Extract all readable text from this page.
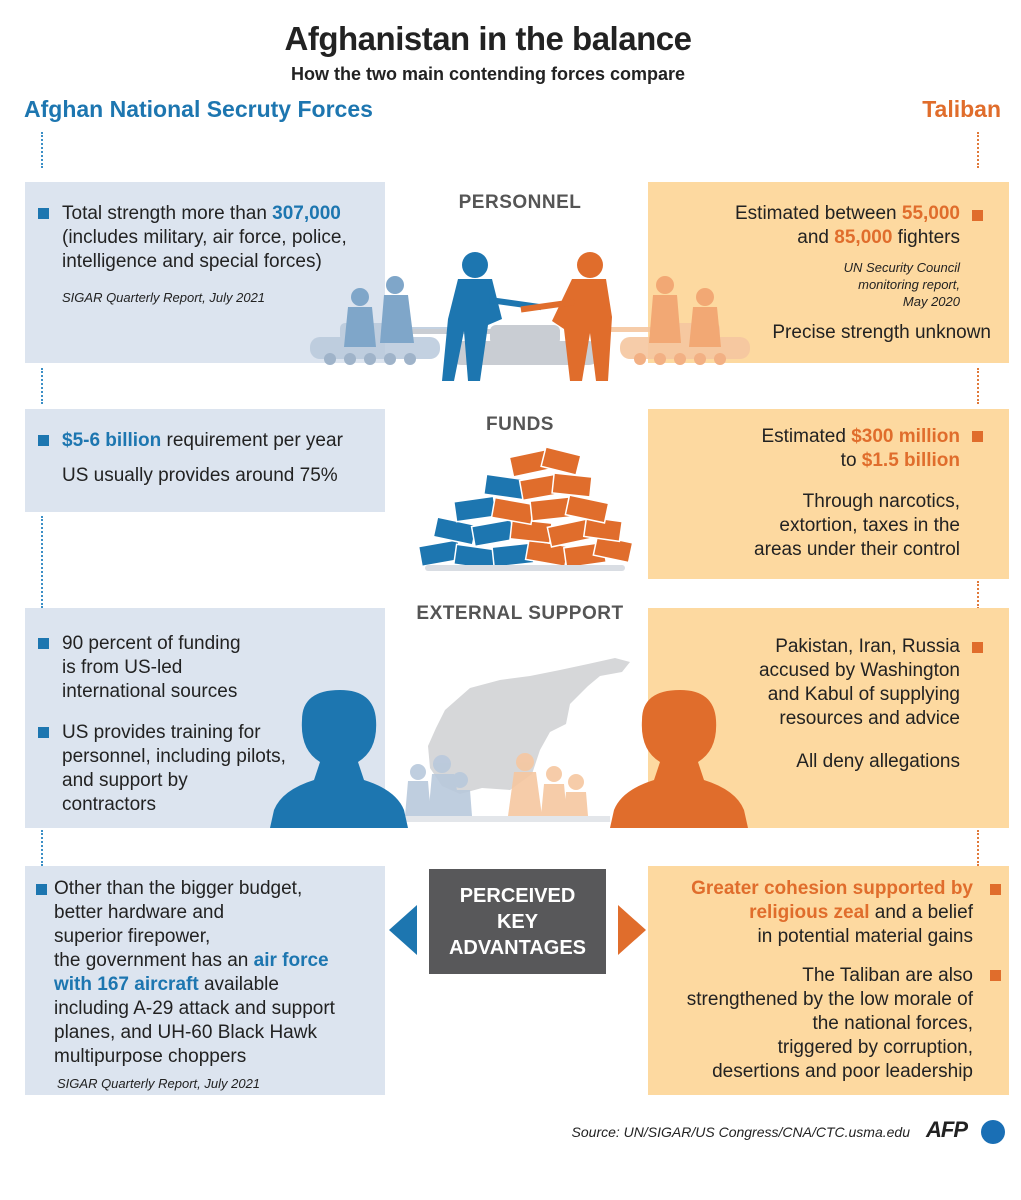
Afghanistan in the balance
How the two main contending forces compare
Afghan National Secruty Forces	Taliban
PERSONNEL
Total strength more than 307,000
(includes military, air force, police,
intelligence and special forces)
SIGAR Quarterly Report, July 2021
Estimated between 55,000
and 85,000 fighters
UN Security Council
monitoring report,
May 2020
Precise strength unknown
FUNDS
$5-6 billion requirement per year
US usually provides around 75%
Estimated $300 million
to $1.5 billion
Through narcotics,
extortion, taxes in the
areas under their control
EXTERNAL SUPPORT
90 percent of funding
is from US-led
international sources
US provides training for
personnel, including pilots,
and support by
contractors
Pakistan, Iran, Russia
accused by Washington
and Kabul of supplying
resources and advice
All deny allegations
PERCEIVED
KEY
ADVANTAGES
Other than the bigger budget,
better hardware and
superior firepower,
the government has an air force
with 167 aircraft available
including A-29 attack and support
planes, and UH-60 Black Hawk
multipurpose choppers
SIGAR Quarterly Report, July 2021
Greater cohesion supported by
religious zeal and a belief
in potential material gains
The Taliban are also
strengthened by the low morale of
the national forces,
triggered by corruption,
desertions and poor leadership
Source: UN/SIGAR/US Congress/CNA/CTC.usma.edu AFP
